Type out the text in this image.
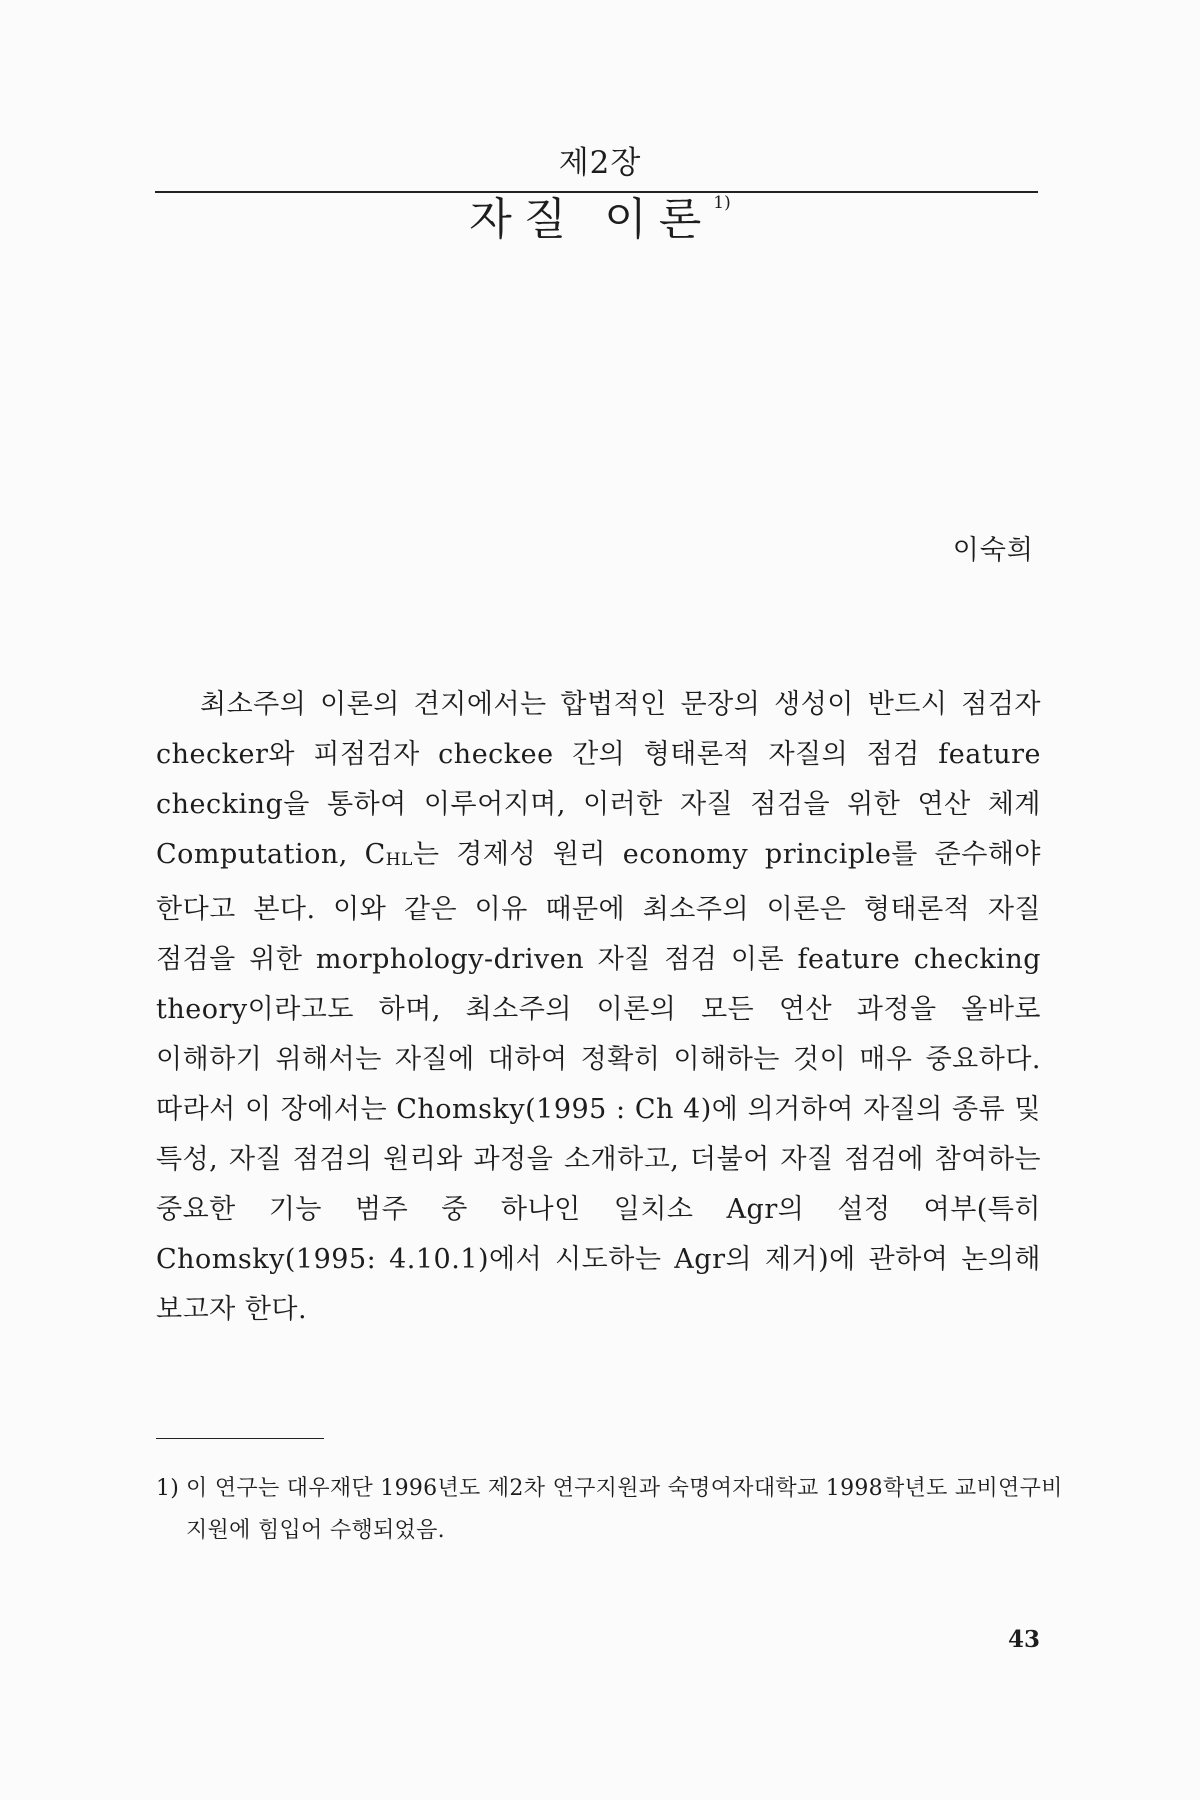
제2장
자질 이론$^{1)}$
이숙희

최소주의 이론의 견지에서는 합법적인 문장의 생성이 반드시 점검자 checker와 피점검자 checkee 간의 형태론적 자질의 점검 feature checking을 통하여 이루어지며, 이러한 자질 점검을 위한 연산 체계 Computation, CHL는 경제성 원리 economy principle를 준수해야 한다고 본다. 이와 같은 이유 때문에 최소주의 이론은 형태론적 자질 점검을 위한 morphology-driven 자질 점검 이론 feature checking theory이라고도 하며, 최소주의 이론의 모든 연산 과정을 올바로 이해하기 위해서는 자질에 대하여 정확히 이해하는 것이 매우 중요하다. 따라서 이 장에서는 Chomsky(1995 : Ch 4)에 의거하여 자질의 종류 및 특성, 자질 점검의 원리와 과정을 소개하고, 더불어 자질 점검에 참여하는 중요한 기능 범주 중 하나인 일치소 Agr의 설정 여부(특히 Chomsky(1995: 4.10.1)에서 시도하는 Agr의 제거)에 관하여 논의해 보고자 한다.

1) 이 연구는 대우재단 1996년도 제2차 연구지원과 숙명여자대학교 1998학년도 교비연구비 지원에 힘입어 수행되었음.

43
